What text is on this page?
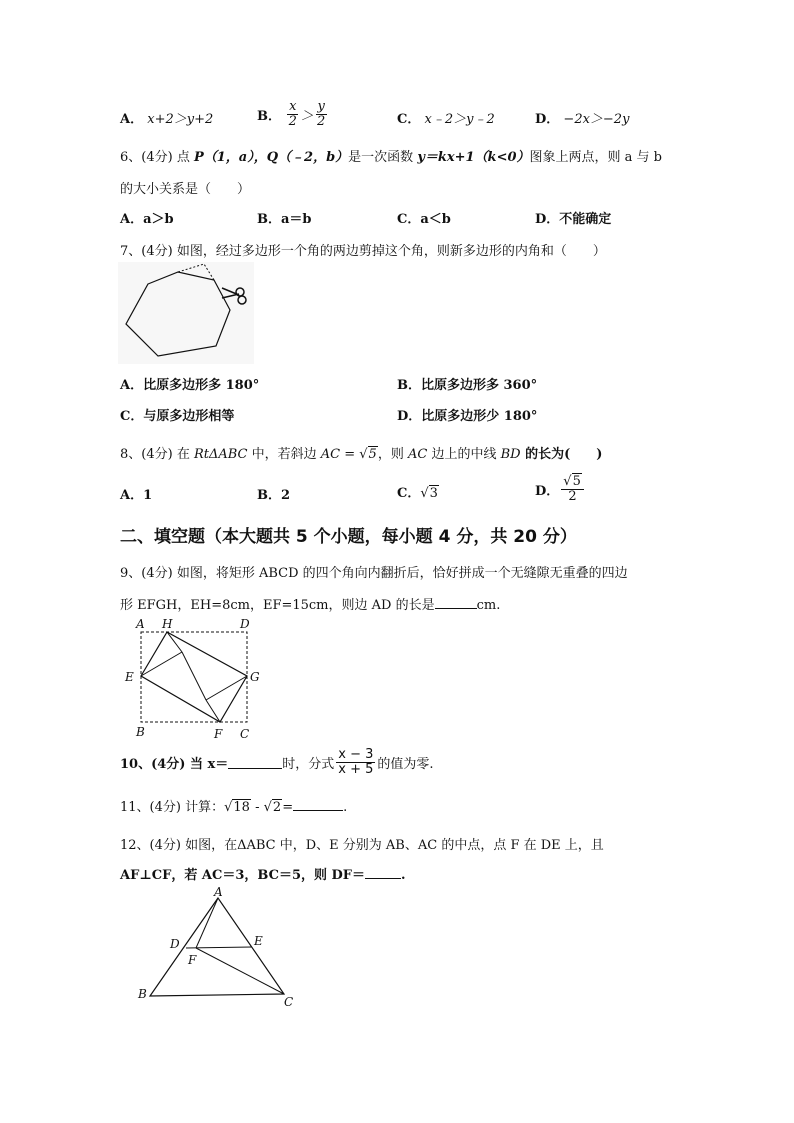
A． x+2＞y+2	B． $\frac{x}{2} > \frac{y}{2}$	C． x﹣2＞y﹣2	D． −2x＞−2y
6、(4分) 点 P（1，a），Q（﹣2，b）是一次函数 y＝kx+1（k<0）图象上两点，则 a 与 b
的大小关系是（　　）
A．a＞b	B．a＝b	C．a＜b	D．不能确定
7、(4分) 如图，经过多边形一个角的两边剪掉这个角，则新多边形的内角和（　　）
A．比原多边形多 180°	B．比原多边形多 360°
C．与原多边形相等	D．比原多边形少 180°
8、(4分) 在 RtΔABC 中，若斜边 AC = √5，则 AC 边上的中线 BD 的长为(　　)
A．1	B．2	C．√3	D． $\frac{√5}{2}$
二、填空题（本大题共 5 个小题，每小题 4 分，共 20 分）
9、(4分) 如图，将矩形 ABCD 的四个角向内翻折后，恰好拼成一个无缝隙无重叠的四边
形 EFGH，EH=8cm，EF=15cm，则边 AD 的长是	cm.
A H	D
E	G
B	F C
10、(4分) 当 x＝	时，分式 $\frac{x - 3}{x + 5}$ 的值为零.
11、(4分) 计算：√18 - √2=	.
12、(4分) 如图，在ΔABC 中，D、E 分别为 AB、AC 的中点，点 F 在 DE 上，且
AF⊥CF，若 AC＝3，BC＝5，则 DF＝	.
A
D	E
F
B
C
